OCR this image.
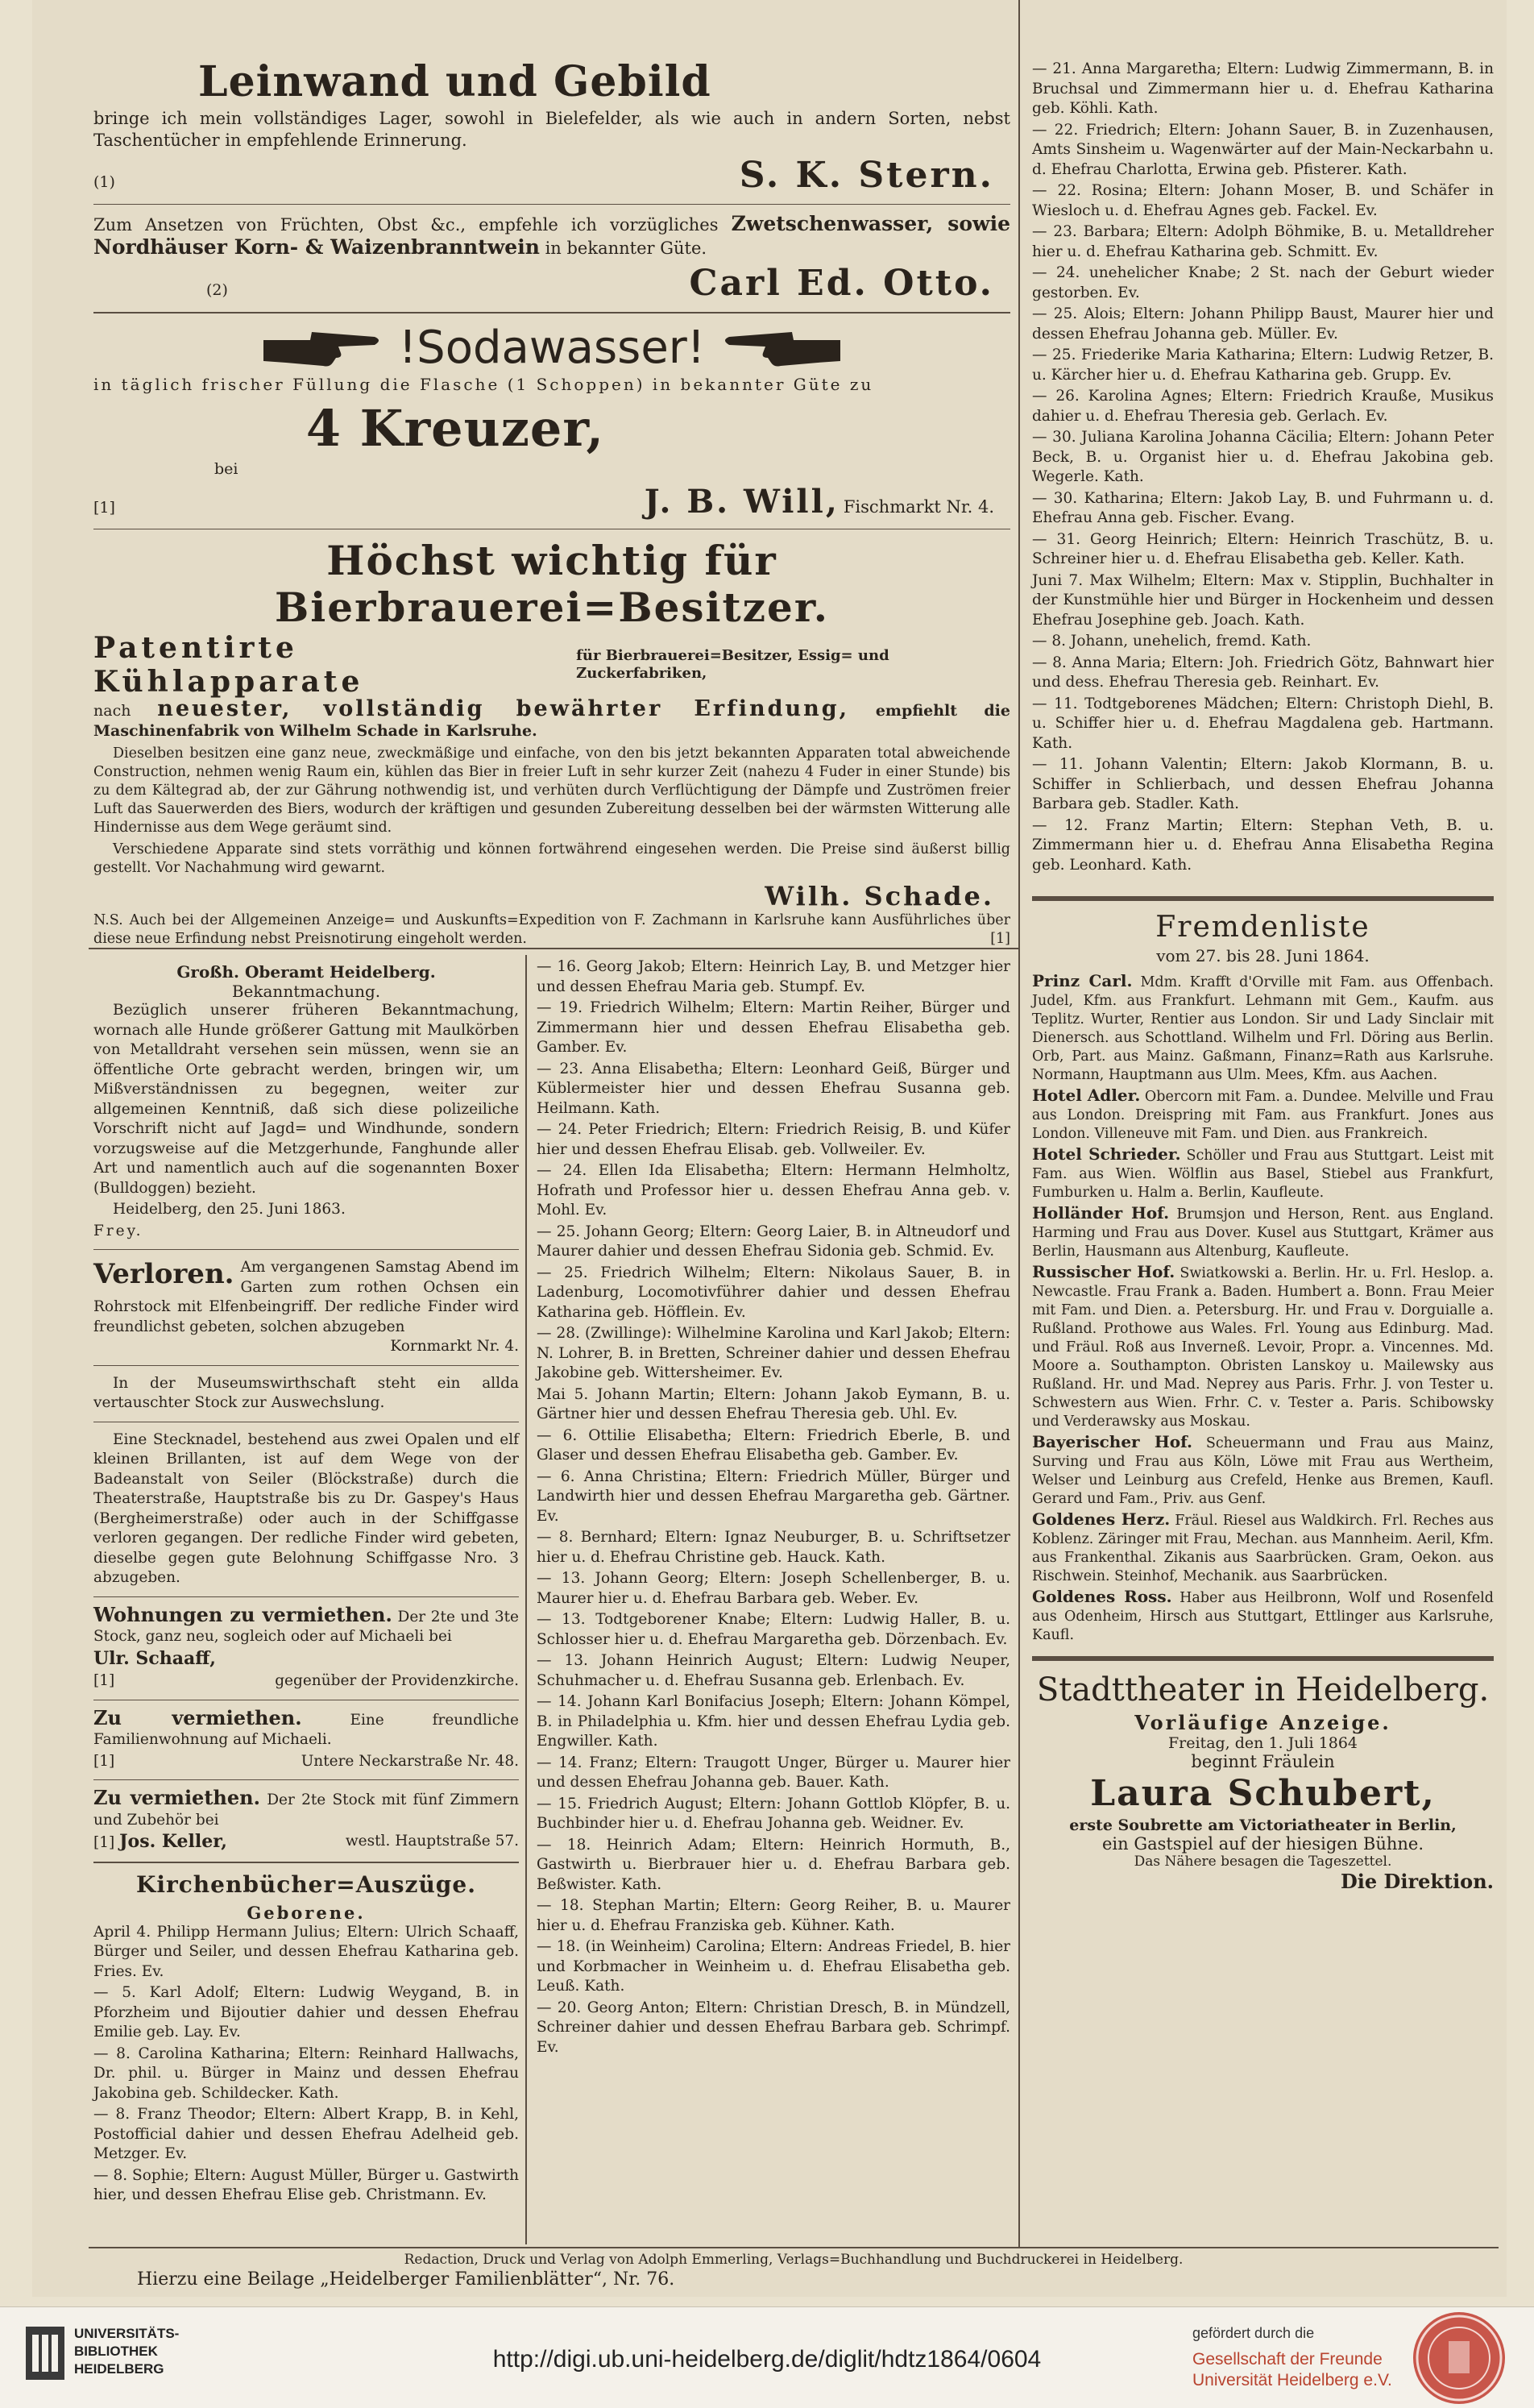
Leinwand und Gebild

bringe ich mein vollständiges Lager, sowohl in Bielefelder, als wie auch in andern Sorten, nebst Taschentücher in empfehlende Erinnerung.

(1)	S. K. Stern.

Zum Ansetzen von Früchten, Obst &c., empfehle ich vorzügliches Zwetschenwasser, sowie Nordhäuser Korn- & Waizenbranntwein in bekannter Güte.

(2)	Carl Ed. Otto.
!Sodawasser!

in täglich frischer Füllung die Flasche (1 Schoppen) in bekannter Güte zu

4 Kreuzer,

bei

[1]	J. B. Will, Fischmarkt Nr. 4.
Höchst wichtig für Bierbrauerei=Besitzer.
Patentirte Kühlapparate
für Bierbrauerei=Besitzer, Essig= und Zuckerfabriken,

nach neuester, vollständig bewährter Erfindung, empfiehlt die Maschinenfabrik von Wilhelm Schade in Karlsruhe.

Dieselben besitzen eine ganz neue, zweckmäßige und einfache, von den bis jetzt bekannten Apparaten total abweichende Construction, nehmen wenig Raum ein, kühlen das Bier in freier Luft in sehr kurzer Zeit (nahezu 4 Fuder in einer Stunde) bis zu dem Kältegrad ab, der zur Gährung nothwendig ist, und verhüten durch Verflüchtigung der Dämpfe und Zuströmen freier Luft das Sauerwerden des Biers, wodurch der kräftigen und gesunden Zubereitung desselben bei der wärmsten Witterung alle Hindernisse aus dem Wege geräumt sind.

Verschiedene Apparate sind stets vorräthig und können fortwährend eingesehen werden. Die Preise sind äußerst billig gestellt. Vor Nachahmung wird gewarnt.

Wilh. Schade.

N.S. Auch bei der Allgemeinen Anzeige= und Auskunfts=Expedition von F. Zachmann in Karlsruhe kann Ausführliches über diese neue Erfindung nebst Preisnotirung eingeholt werden.	[1]

Großh. Oberamt Heidelberg.
Bekanntmachung.

Bezüglich unserer früheren Bekanntmachung, wornach alle Hunde größerer Gattung mit Maulkörben von Metalldraht versehen sein müssen, wenn sie an öffentliche Orte gebracht werden, bringen wir, um Mißverständnissen zu begegnen, weiter zur allgemeinen Kenntniß, daß sich diese polizeiliche Vorschrift nicht auf Jagd= und Windhunde, sondern vorzugsweise auf die Metzgerhunde, Fanghunde aller Art und namentlich auch auf die sogenannten Boxer (Bulldoggen) bezieht.

Heidelberg, den 25. Juni 1863.

Frey.

Verloren. Am vergangenen Samstag Abend im Garten zum rothen Ochsen ein Rohrstock mit Elfenbeingriff. Der redliche Finder wird freundlichst gebeten, solchen abzugeben
Kornmarkt Nr. 4.

In der Museumswirthschaft steht ein allda vertauschter Stock zur Auswechslung.

Eine Stecknadel, bestehend aus zwei Opalen und elf kleinen Brillanten, ist auf dem Wege von der Badeanstalt von Seiler (Blöckstraße) durch die Theaterstraße, Hauptstraße bis zu Dr. Gaspey's Haus (Bergheimerstraße) oder auch in der Schiffgasse verloren gegangen. Der redliche Finder wird gebeten, dieselbe gegen gute Belohnung Schiffgasse Nro. 3 abzugeben.

Wohnungen zu vermiethen. Der 2te und 3te Stock, ganz neu, sogleich oder auf Michaeli bei

Ulr. Schaaff,

[1]	gegenüber der Providenzkirche.

Zu vermiethen.	Eine freundliche Familienwohnung auf Michaeli.

[1]	Untere Neckarstraße Nr. 48.

Zu vermiethen. Der 2te Stock mit fünf Zimmern und Zubehör bei

[1] Jos. Keller,	westl. Hauptstraße 57.

Kirchenbücher=Auszüge.
Geborene.

April 4. Philipp Hermann Julius; Eltern: Ulrich Schaaff, Bürger und Seiler, und dessen Ehefrau Katharina geb. Fries. Ev.

— 5. Karl Adolf; Eltern: Ludwig Weygand, B. in Pforzheim und Bijoutier dahier und dessen Ehefrau Emilie geb. Lay. Ev.

— 8. Carolina Katharina; Eltern: Reinhard Hallwachs, Dr. phil. u. Bürger in Mainz und dessen Ehefrau Jakobina geb. Schildecker. Kath.

— 8. Franz Theodor; Eltern: Albert Krapp, B. in Kehl, Postofficial dahier und dessen Ehefrau Adelheid geb. Metzger. Ev.

— 8. Sophie; Eltern: August Müller, Bürger u. Gastwirth hier, und dessen Ehefrau Elise geb. Christmann. Ev.

— 16. Georg Jakob; Eltern: Heinrich Lay, B. und Metzger hier und dessen Ehefrau Maria geb. Stumpf. Ev.

— 19. Friedrich Wilhelm; Eltern: Martin Reiher, Bürger und Zimmermann hier und dessen Ehefrau Elisabetha geb. Gamber. Ev.

— 23. Anna Elisabetha; Eltern: Leonhard Geiß, Bürger und Küblermeister hier und dessen Ehefrau Susanna geb. Heilmann. Kath.

— 24. Peter Friedrich; Eltern: Friedrich Reisig, B. und Küfer hier und dessen Ehefrau Elisab. geb. Vollweiler. Ev.

— 24. Ellen Ida Elisabetha; Eltern: Hermann Helmholtz, Hofrath und Professor hier u. dessen Ehefrau Anna geb. v. Mohl. Ev.

— 25. Johann Georg; Eltern: Georg Laier, B. in Altneudorf und Maurer dahier und dessen Ehefrau Sidonia geb. Schmid. Ev.

— 25. Friedrich Wilhelm; Eltern: Nikolaus Sauer, B. in Ladenburg, Locomotivführer dahier und dessen Ehefrau Katharina geb. Höfflein. Ev.

— 28. (Zwillinge): Wilhelmine Karolina und Karl Jakob; Eltern: N. Lohrer, B. in Bretten, Schreiner dahier und dessen Ehefrau Jakobine geb. Wittersheimer. Ev.

Mai 5. Johann Martin; Eltern: Johann Jakob Eymann, B. u. Gärtner hier und dessen Ehefrau Theresia geb. Uhl. Ev.

— 6. Ottilie Elisabetha; Eltern: Friedrich Eberle, B. und Glaser und dessen Ehefrau Elisabetha geb. Gamber. Ev.

— 6. Anna Christina; Eltern: Friedrich Müller, Bürger und Landwirth hier und dessen Ehefrau Margaretha geb. Gärtner. Ev.

— 8. Bernhard; Eltern: Ignaz Neuburger, B. u. Schriftsetzer hier u. d. Ehefrau Christine geb. Hauck. Kath.

— 13. Johann Georg; Eltern: Joseph Schellenberger, B. u. Maurer hier u. d. Ehefrau Barbara geb. Weber. Ev.

— 13. Todtgeborener Knabe; Eltern: Ludwig Haller, B. u. Schlosser hier u. d. Ehefrau Margaretha geb. Dörzenbach. Ev.

— 13. Johann Heinrich August; Eltern: Ludwig Neuper, Schuhmacher u. d. Ehefrau Susanna geb. Erlenbach. Ev.

— 14. Johann Karl Bonifacius Joseph; Eltern: Johann Kömpel, B. in Philadelphia u. Kfm. hier und dessen Ehefrau Lydia geb. Engwiller. Kath.

— 14. Franz; Eltern: Traugott Unger, Bürger u. Maurer hier und dessen Ehefrau Johanna geb. Bauer. Kath.

— 15. Friedrich August; Eltern: Johann Gottlob Klöpfer, B. u. Buchbinder hier u. d. Ehefrau Johanna geb. Weidner. Ev.

— 18. Heinrich Adam; Eltern: Heinrich Hormuth, B., Gastwirth u. Bierbrauer hier u. d. Ehefrau Barbara geb. Beßwister. Kath.

— 18. Stephan Martin; Eltern: Georg Reiher, B. u. Maurer hier u. d. Ehefrau Franziska geb. Kühner. Kath.

— 18. (in Weinheim) Carolina; Eltern: Andreas Friedel, B. hier und Korbmacher in Weinheim u. d. Ehefrau Elisabetha geb. Leuß. Kath.

— 20. Georg Anton; Eltern: Christian Dresch, B. in Mündzell, Schreiner dahier und dessen Ehefrau Barbara geb. Schrimpf. Ev.

— 21. Anna Margaretha; Eltern: Ludwig Zimmermann, B. in Bruchsal und Zimmermann hier u. d. Ehefrau Katharina geb. Köhli. Kath.

— 22. Friedrich; Eltern: Johann Sauer, B. in Zuzenhausen, Amts Sinsheim u. Wagenwärter auf der Main-Neckarbahn u. d. Ehefrau Charlotta, Erwina geb. Pfisterer. Kath.

— 22. Rosina; Eltern: Johann Moser, B. und Schäfer in Wiesloch u. d. Ehefrau Agnes geb. Fackel. Ev.

— 23. Barbara; Eltern: Adolph Böhmike, B. u. Metalldreher hier u. d. Ehefrau Katharina geb. Schmitt. Ev.

— 24. unehelicher Knabe; 2 St. nach der Geburt wieder gestorben. Ev.

— 25. Alois; Eltern: Johann Philipp Baust, Maurer hier und dessen Ehefrau Johanna geb. Müller. Ev.

— 25. Friederike Maria Katharina; Eltern: Ludwig Retzer, B. u. Kärcher hier u. d. Ehefrau Katharina geb. Grupp. Ev.

— 26. Karolina Agnes; Eltern: Friedrich Krauße, Musikus dahier u. d. Ehefrau Theresia geb. Gerlach. Ev.

— 30. Juliana Karolina Johanna Cäcilia; Eltern: Johann Peter Beck, B. u. Organist hier u. d. Ehefrau Jakobina geb. Wegerle. Kath.

— 30. Katharina; Eltern: Jakob Lay, B. und Fuhrmann u. d. Ehefrau Anna geb. Fischer. Evang.

— 31. Georg Heinrich; Eltern: Heinrich Traschütz, B. u. Schreiner hier u. d. Ehefrau Elisabetha geb. Keller. Kath.

Juni 7. Max Wilhelm; Eltern: Max v. Stipplin, Buchhalter in der Kunstmühle hier und Bürger in Hockenheim und dessen Ehefrau Josephine geb. Joach. Kath.

— 8. Johann, unehelich, fremd. Kath.

— 8. Anna Maria; Eltern: Joh. Friedrich Götz, Bahnwart hier und dess. Ehefrau Theresia geb. Reinhart. Ev.

— 11. Todtgeborenes Mädchen; Eltern: Christoph Diehl, B. u. Schiffer hier u. d. Ehefrau Magdalena geb. Hartmann. Kath.

— 11. Johann Valentin; Eltern: Jakob Klormann, B. u. Schiffer in Schlierbach, und dessen Ehefrau Johanna Barbara geb. Stadler. Kath.

— 12. Franz Martin; Eltern: Stephan Veth, B. u. Zimmermann hier u. d. Ehefrau Anna Elisabetha Regina geb. Leonhard. Kath.

Fremdenliste
vom 27. bis 28. Juni 1864.

Prinz Carl. Mdm. Krafft d'Orville mit Fam. aus Offenbach. Judel, Kfm. aus Frankfurt. Lehmann mit Gem., Kaufm. aus Teplitz. Wurter, Rentier aus London. Sir und Lady Sinclair mit Dienersch. aus Schottland. Wilhelm und Frl. Döring aus Berlin. Orb, Part. aus Mainz. Gaßmann, Finanz=Rath aus Karlsruhe. Normann, Hauptmann aus Ulm. Mees, Kfm. aus Aachen.

Hotel Adler. Obercorn mit Fam. a. Dundee. Melville und Frau aus London. Dreispring mit Fam. aus Frankfurt. Jones aus London. Villeneuve mit Fam. und Dien. aus Frankreich.

Hotel Schrieder. Schöller und Frau aus Stuttgart. Leist mit Fam. aus Wien. Wölflin aus Basel, Stiebel aus Frankfurt, Fumburken u. Halm a. Berlin, Kaufleute.

Holländer Hof. Brumsjon und Herson, Rent. aus England. Harming und Frau aus Dover. Kusel aus Stuttgart, Krämer aus Berlin, Hausmann aus Altenburg, Kaufleute.

Russischer Hof. Swiatkowski a. Berlin. Hr. u. Frl. Heslop. a. Newcastle. Frau Frank a. Baden. Humbert a. Bonn. Frau Meier mit Fam. und Dien. a. Petersburg. Hr. und Frau v. Dorguialle a. Rußland. Prothowe aus Wales. Frl. Young aus Edinburg. Mad. und Fräul. Roß aus Inverneß. Levoir, Propr. a. Vincennes. Md. Moore a. Southampton. Obristen Lanskoy u. Mailewsky aus Rußland. Hr. und Mad. Neprey aus Paris. Frhr. J. von Tester u. Schwestern aus Wien. Frhr. C. v. Tester a. Paris. Schibowsky und Verderawsky aus Moskau.

Bayerischer Hof. Scheuermann und Frau aus Mainz, Surving und Frau aus Köln, Löwe mit Frau aus Wertheim, Welser und Leinburg aus Crefeld, Henke aus Bremen, Kaufl. Gerard und Fam., Priv. aus Genf.

Goldenes Herz. Fräul. Riesel aus Waldkirch. Frl. Reches aus Koblenz. Zäringer mit Frau, Mechan. aus Mannheim. Aeril, Kfm. aus Frankenthal. Zikanis aus Saarbrücken. Gram, Oekon. aus Rischwein. Steinhof, Mechanik. aus Saarbrücken.

Goldenes Ross. Haber aus Heilbronn, Wolf und Rosenfeld aus Odenheim, Hirsch aus Stuttgart, Ettlinger aus Karlsruhe, Kaufl.

Stadttheater in Heidelberg.
Vorläufige Anzeige.
Freitag, den 1. Juli 1864
beginnt Fräulein
Laura Schubert,
erste Soubrette am Victoriatheater in Berlin,
ein Gastspiel auf der hiesigen Bühne.
Das Nähere besagen die Tageszettel.
Die Direktion.
Redaction, Druck und Verlag von Adolph Emmerling, Verlags=Buchhandlung und Buchdruckerei in Heidelberg.
Hierzu eine Beilage „Heidelberger Familienblätter“, Nr. 76.
UNIVERSITÄTS-
BIBLIOTHEK
HEIDELBERG	http://digi.ub.uni-heidelberg.de/diglit/hdtz1864/0604
gefördert durch die
Gesellschaft der Freunde
Universität Heidelberg e.V.
